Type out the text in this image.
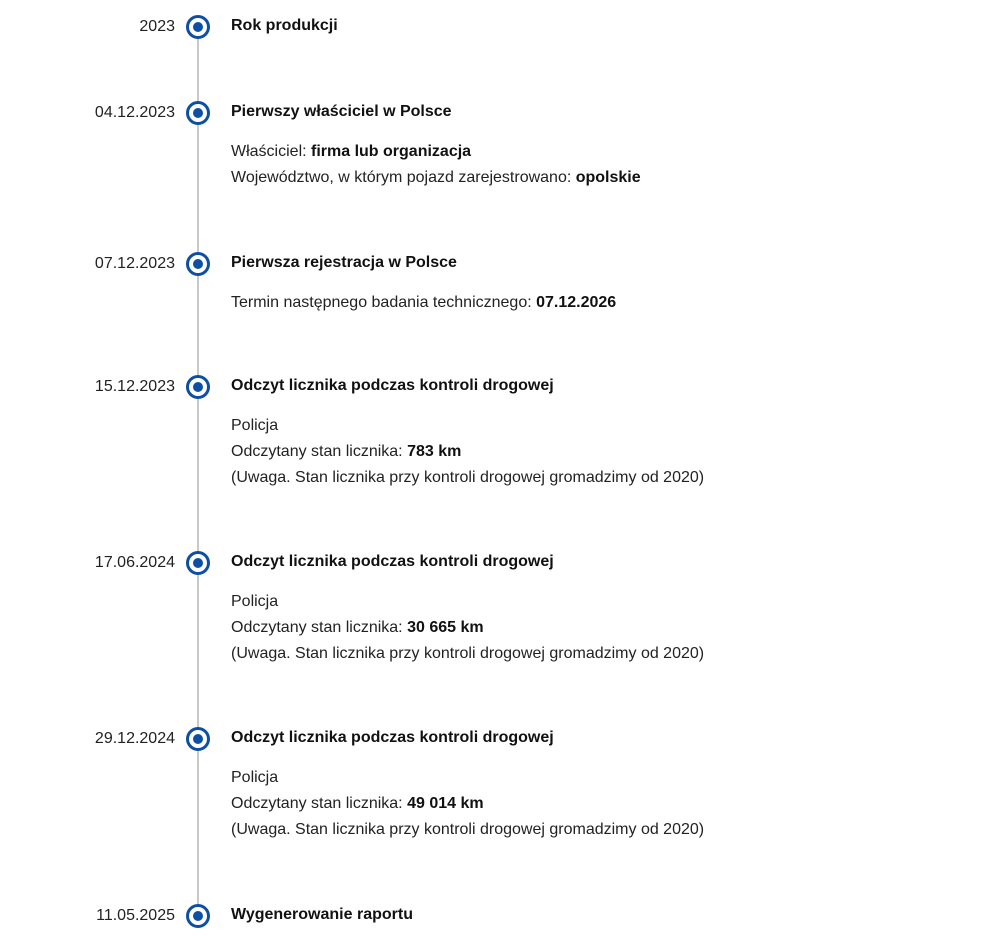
2023	Rok produkcji
04.12.2023	Pierwszy właściciel w Polsce
Właściciel: firma lub organizacja
Województwo, w którym pojazd zarejestrowano: opolskie
07.12.2023	Pierwsza rejestracja w Polsce
Termin następnego badania technicznego: 07.12.2026
15.12.2023	Odczyt licznika podczas kontroli drogowej
Policja
Odczytany stan licznika: 783 km
(Uwaga. Stan licznika przy kontroli drogowej gromadzimy od 2020)
17.06.2024	Odczyt licznika podczas kontroli drogowej
Policja
Odczytany stan licznika: 30 665 km
(Uwaga. Stan licznika przy kontroli drogowej gromadzimy od 2020)
29.12.2024	Odczyt licznika podczas kontroli drogowej
Policja
Odczytany stan licznika: 49 014 km
(Uwaga. Stan licznika przy kontroli drogowej gromadzimy od 2020)
11.05.2025	Wygenerowanie raportu
